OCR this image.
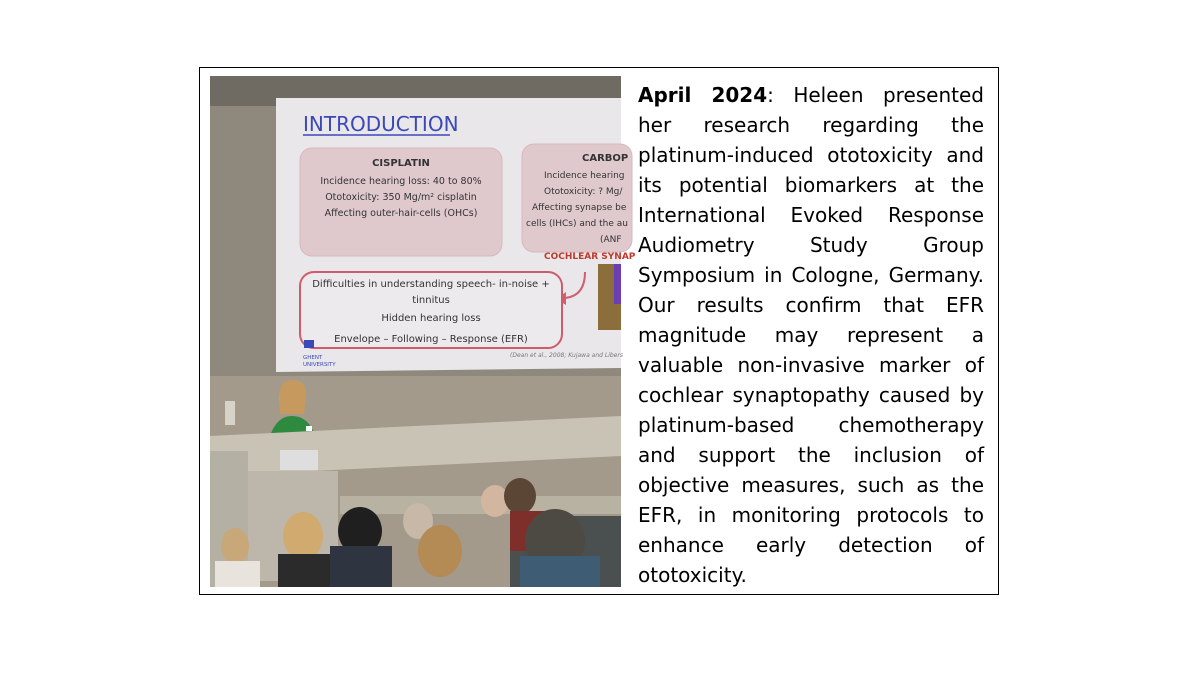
INTRODUCTION
CISPLATIN
Incidence hearing loss: 40 to 80%
Ototoxicity: 350 Mg/m² cisplatin
Affecting outer-hair-cells (OHCs)
CARBOP
Incidence hearing
Ototoxicity: ? Mg/
Affecting synapse be
cells (IHCs) and the au
(ANF
COCHLEAR SYNAP
Difficulties in understanding speech- in-noise +
tinnitus
Hidden hearing loss
Envelope – Following – Response (EFR)
GHENT
UNIVERSITY
(Dean et al., 2008; Kujawa and Libers
April 2024: Heleen presented her research regarding the platinum-induced ototoxicity and its potential biomarkers at the International Evoked Response Audiometry Study Group Symposium in Cologne, Germany. Our results confirm that EFR magnitude may represent a valuable non-invasive marker of cochlear synaptopathy caused by platinum-based chemotherapy and support the inclusion of objective measures, such as the EFR, in monitoring protocols to enhance early detection of ototoxicity.
